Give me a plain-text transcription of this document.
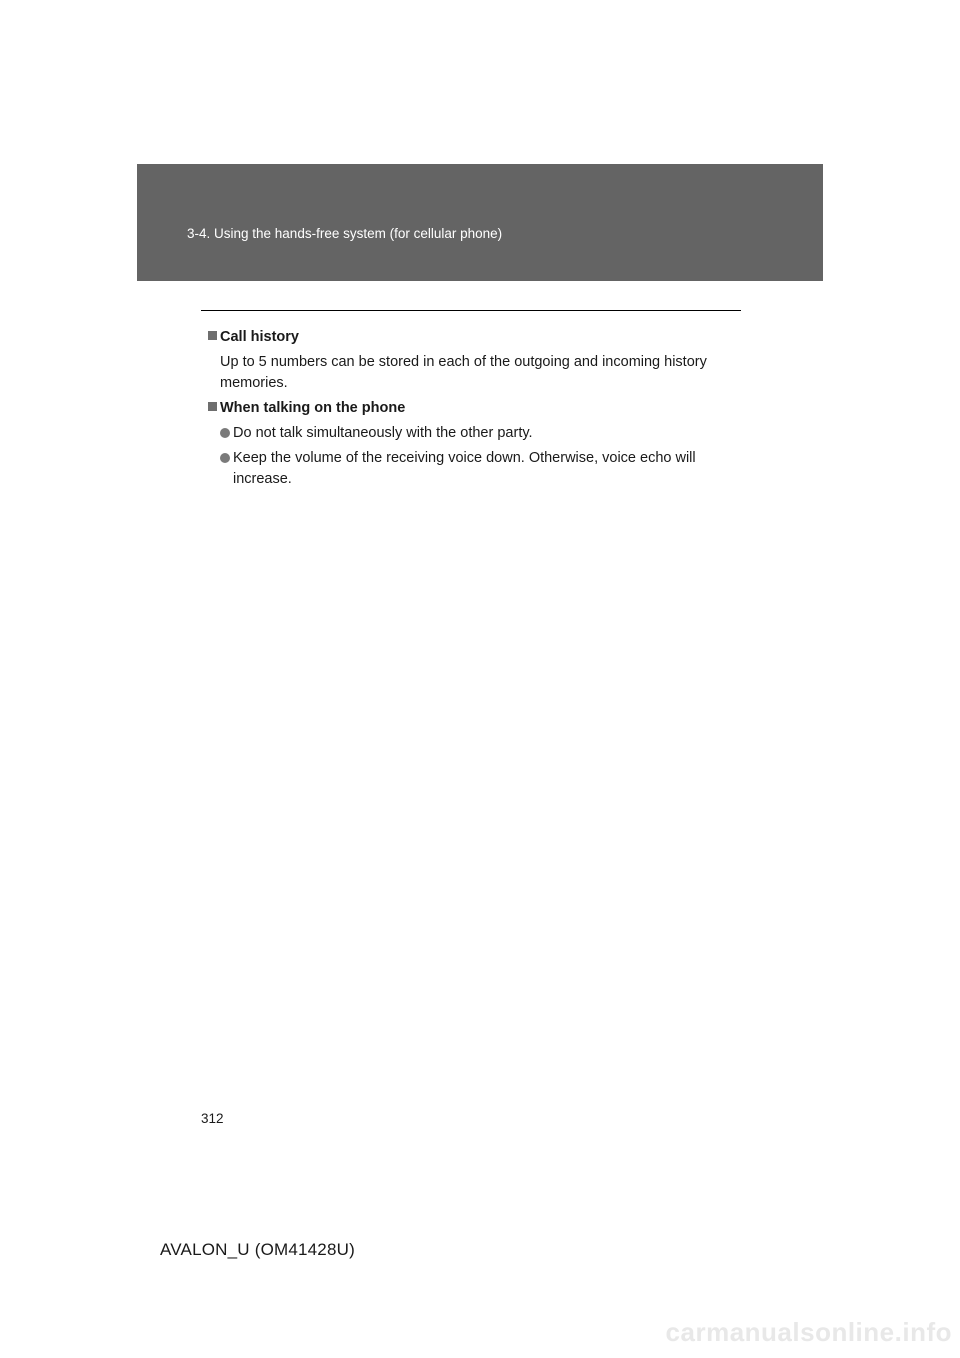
3-4. Using the hands-free system (for cellular phone)
Call history
Up to 5 numbers can be stored in each of the outgoing and incoming history memories.
When talking on the phone
Do not talk simultaneously with the other party.
Keep the volume of the receiving voice down. Otherwise, voice echo will increase.
312
AVALON_U (OM41428U)
carmanualsonline.info
